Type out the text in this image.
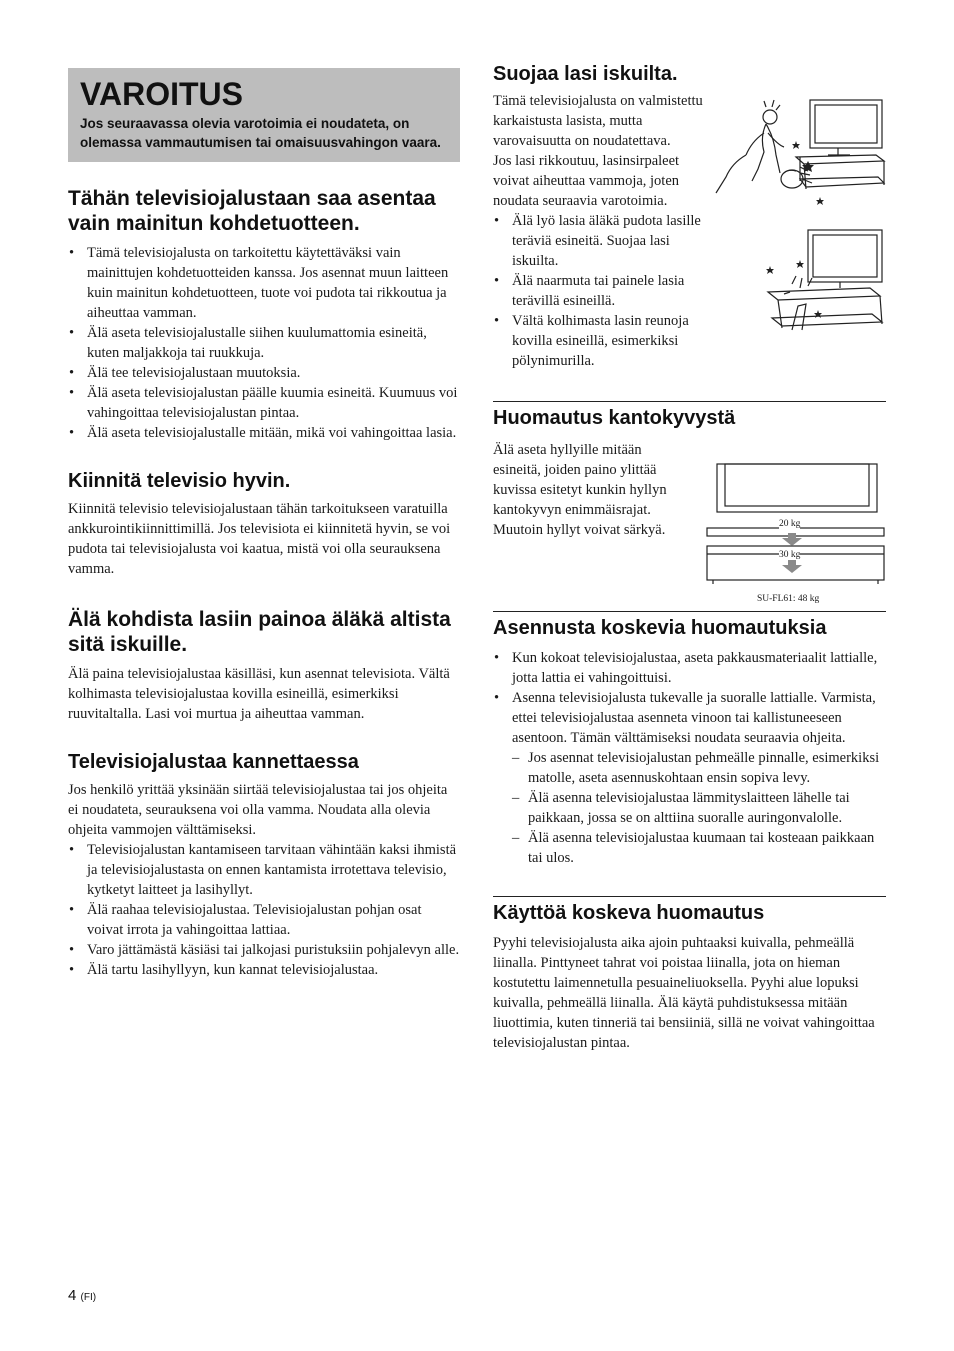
VAROITUS

Jos seuraavassa olevia varotoimia ei noudateta, on olemassa vammautumisen tai omaisuusvahingon vaara.

Tähän televisiojalustaan saa asentaa vain mainitun kohdetuotteen.
• Tämä televisiojalusta on tarkoitettu käytettäväksi vain mainittujen kohdetuotteiden kanssa. Jos asennat muun laitteen kuin mainitun kohdetuotteen, tuote voi pudota tai rikkoutua ja aiheuttaa vamman.
• Älä aseta televisiojalustalle siihen kuulumattomia esineitä, kuten maljakkoja tai ruukkuja.
• Älä tee televisiojalustaan muutoksia.
• Älä aseta televisiojalustan päälle kuumia esineitä. Kuumuus voi vahingoittaa televisiojalustan pintaa.
• Älä aseta televisiojalustalle mitään, mikä voi vahingoittaa lasia.
Kiinnitä televisio hyvin.

Kiinnitä televisio televisiojalustaan tähän tarkoitukseen varatuilla ankkurointikiinnittimillä. Jos televisiota ei kiinnitetä hyvin, se voi pudota tai televisiojalusta voi kaatua, mistä voi olla seurauksena vamma.

Älä kohdista lasiin painoa äläkä altista sitä iskuille.

Älä paina televisiojalustaa käsilläsi, kun asennat televisiota. Vältä kolhimasta televisiojalustaa kovilla esineillä, esimerkiksi ruuvitaltalla. Lasi voi murtua ja aiheuttaa vamman.

Televisiojalustaa kannettaessa

Jos henkilö yrittää yksinään siirtää televisiojalustaa tai jos ohjeita ei noudateta, seurauksena voi olla vamma. Noudata alla olevia ohjeita vammojen välttämiseksi.

• Televisiojalustan kantamiseen tarvitaan vähintään kaksi ihmistä ja televisiojalustasta on ennen kantamista irrotettava televisio, kytketyt laitteet ja lasihyllyt.
• Älä raahaa televisiojalustaa. Televisiojalustan pohjan osat voivat irrota ja vahingoittaa lattiaa.
• Varo jättämästä käsiäsi tai jalkojasi puristuksiin pohjalevyn alle.
• Älä tartu lasihyllyyn, kun kannat televisiojalustaa.
Suojaa lasi iskuilta.

Tämä televisiojalusta on valmistettu karkaistusta lasista, mutta varovaisuutta on noudatettava.

Jos lasi rikkoutuu, lasinsirpaleet voivat aiheuttaa vammoja, joten noudata seuraavia varotoimia.

• Älä lyö lasia äläkä pudota lasille teräviä esineitä. Suojaa lasi iskuilta.
• Älä naarmuta tai painele lasia terävillä esineillä.
• Vältä kolhimasta lasin reunoja kovilla esineillä, esimerkiksi pölynimurilla.
Huomautus kantokyvystä

Älä aseta hyllyille mitään esineitä, joiden paino ylittää kuvissa esitetyt kunkin hyllyn kantokyvyn enimmäisrajat. Muutoin hyllyt voivat särkyä.

Asennusta koskevia huomautuksia
• Kun kokoat televisiojalustaa, aseta pakkausmateriaalit lattialle, jotta lattia ei vahingoittuisi.
• Asenna televisiojalusta tukevalle ja suoralle lattialle. Varmista, ettei televisiojalustaa asenneta vinoon tai kallistuneeseen asentoon. Tämän välttämiseksi noudata seuraavia ohjeita.
– Jos asennat televisiojalustan pehmeälle pinnalle, esimerkiksi matolle, aseta asennuskohtaan ensin sopiva levy.
– Älä asenna televisiojalustaa lämmityslaitteen lähelle tai paikkaan, jossa se on alttiina suoralle auringonvalolle.
– Älä asenna televisiojalustaa kuumaan tai kosteaan paikkaan tai ulos.
Käyttöä koskeva huomautus

Pyyhi televisiojalusta aika ajoin puhtaaksi kuivalla, pehmeällä liinalla. Pinttyneet tahrat voi poistaa liinalla, jota on hieman kostutettu laimennetulla pesuaineliuoksella. Pyyhi alue lopuksi kuivalla, pehmeällä liinalla. Älä käytä puhdistuksessa mitään liuottimia, kuten tinneriä tai bensiiniä, sillä ne voivat vahingoittaa televisiojalustan pintaa.

20 kg
30 kg
SU-FL61: 48 kg
4 (FI)
